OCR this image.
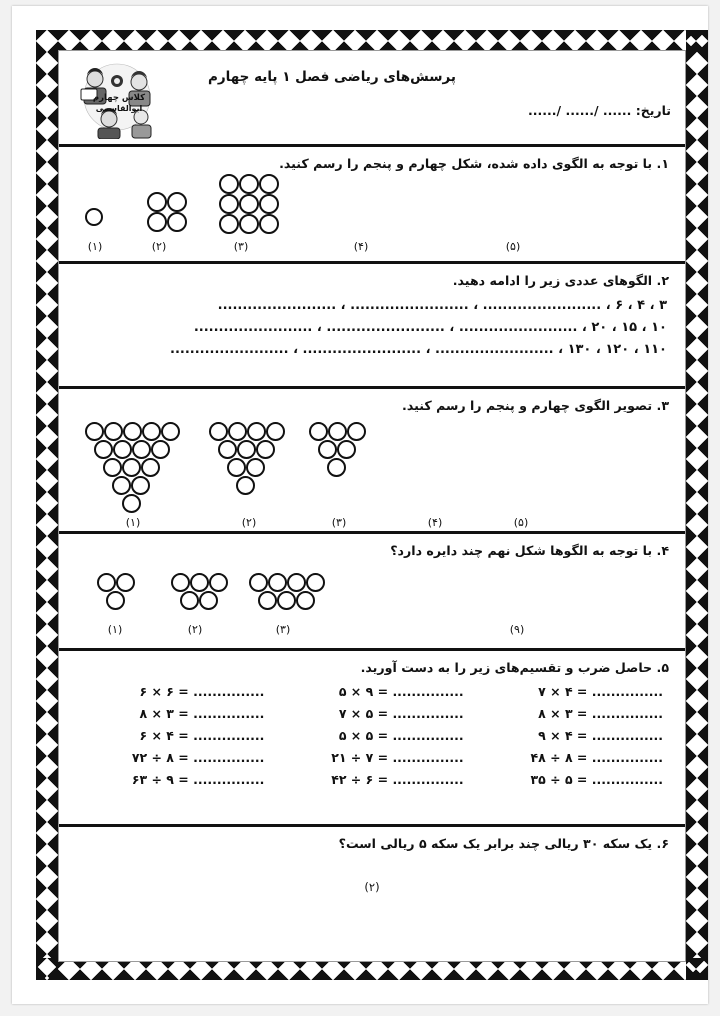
پرسش‌های ریاضی فصل ۱ پایه چهارم
تاریخ: ...... /...... /......
کلاس چهارم
ابوالقاسمی
۱. با توجه به الگوی داده شده، شکل چهارم و پنجم را رسم کنید.
(۱)	(۲)	(۳)	(۴)	(۵)
۲. الگوهای عددی زیر را ادامه دهید.
۳ ، ۴ ، ۶ ، ........................ ، ........................ ، ........................
۱۰ ، ۱۵ ، ۲۰ ، ........................ ، ........................ ، ........................
۱۱۰ ، ۱۲۰ ، ۱۳۰ ، ........................ ، ........................ ، ........................
۳. تصویر الگوی چهارم و پنجم را رسم کنید.
(۱)	(۲)	(۳)	(۴)	(۵)
۴. با توجه به الگوها شکل نهم چند دایره دارد؟
(۱)	(۲)	(۳)	(۹)
۵. حاصل ضرب و تقسیم‌های زیر را به دست آورید.
۷ × ۴ = ...............
۵ × ۹ = ...............
۶ × ۶ = ...............
۸ × ۳ = ...............
۷ × ۵ = ...............
۸ × ۳ = ...............
۹ × ۴ = ...............
۵ × ۵ = ...............
۶ × ۴ = ...............
۴۸ ÷ ۸ = ...............
۲۱ ÷ ۷ = ...............
۷۲ ÷ ۸ = ...............
۳۵ ÷ ۵ = ...............
۴۲ ÷ ۶ = ...............
۶۳ ÷ ۹ = ...............
۶. یک سکه ۳۰ ریالی چند برابر یک سکه ۵ ریالی است؟
(۲)
